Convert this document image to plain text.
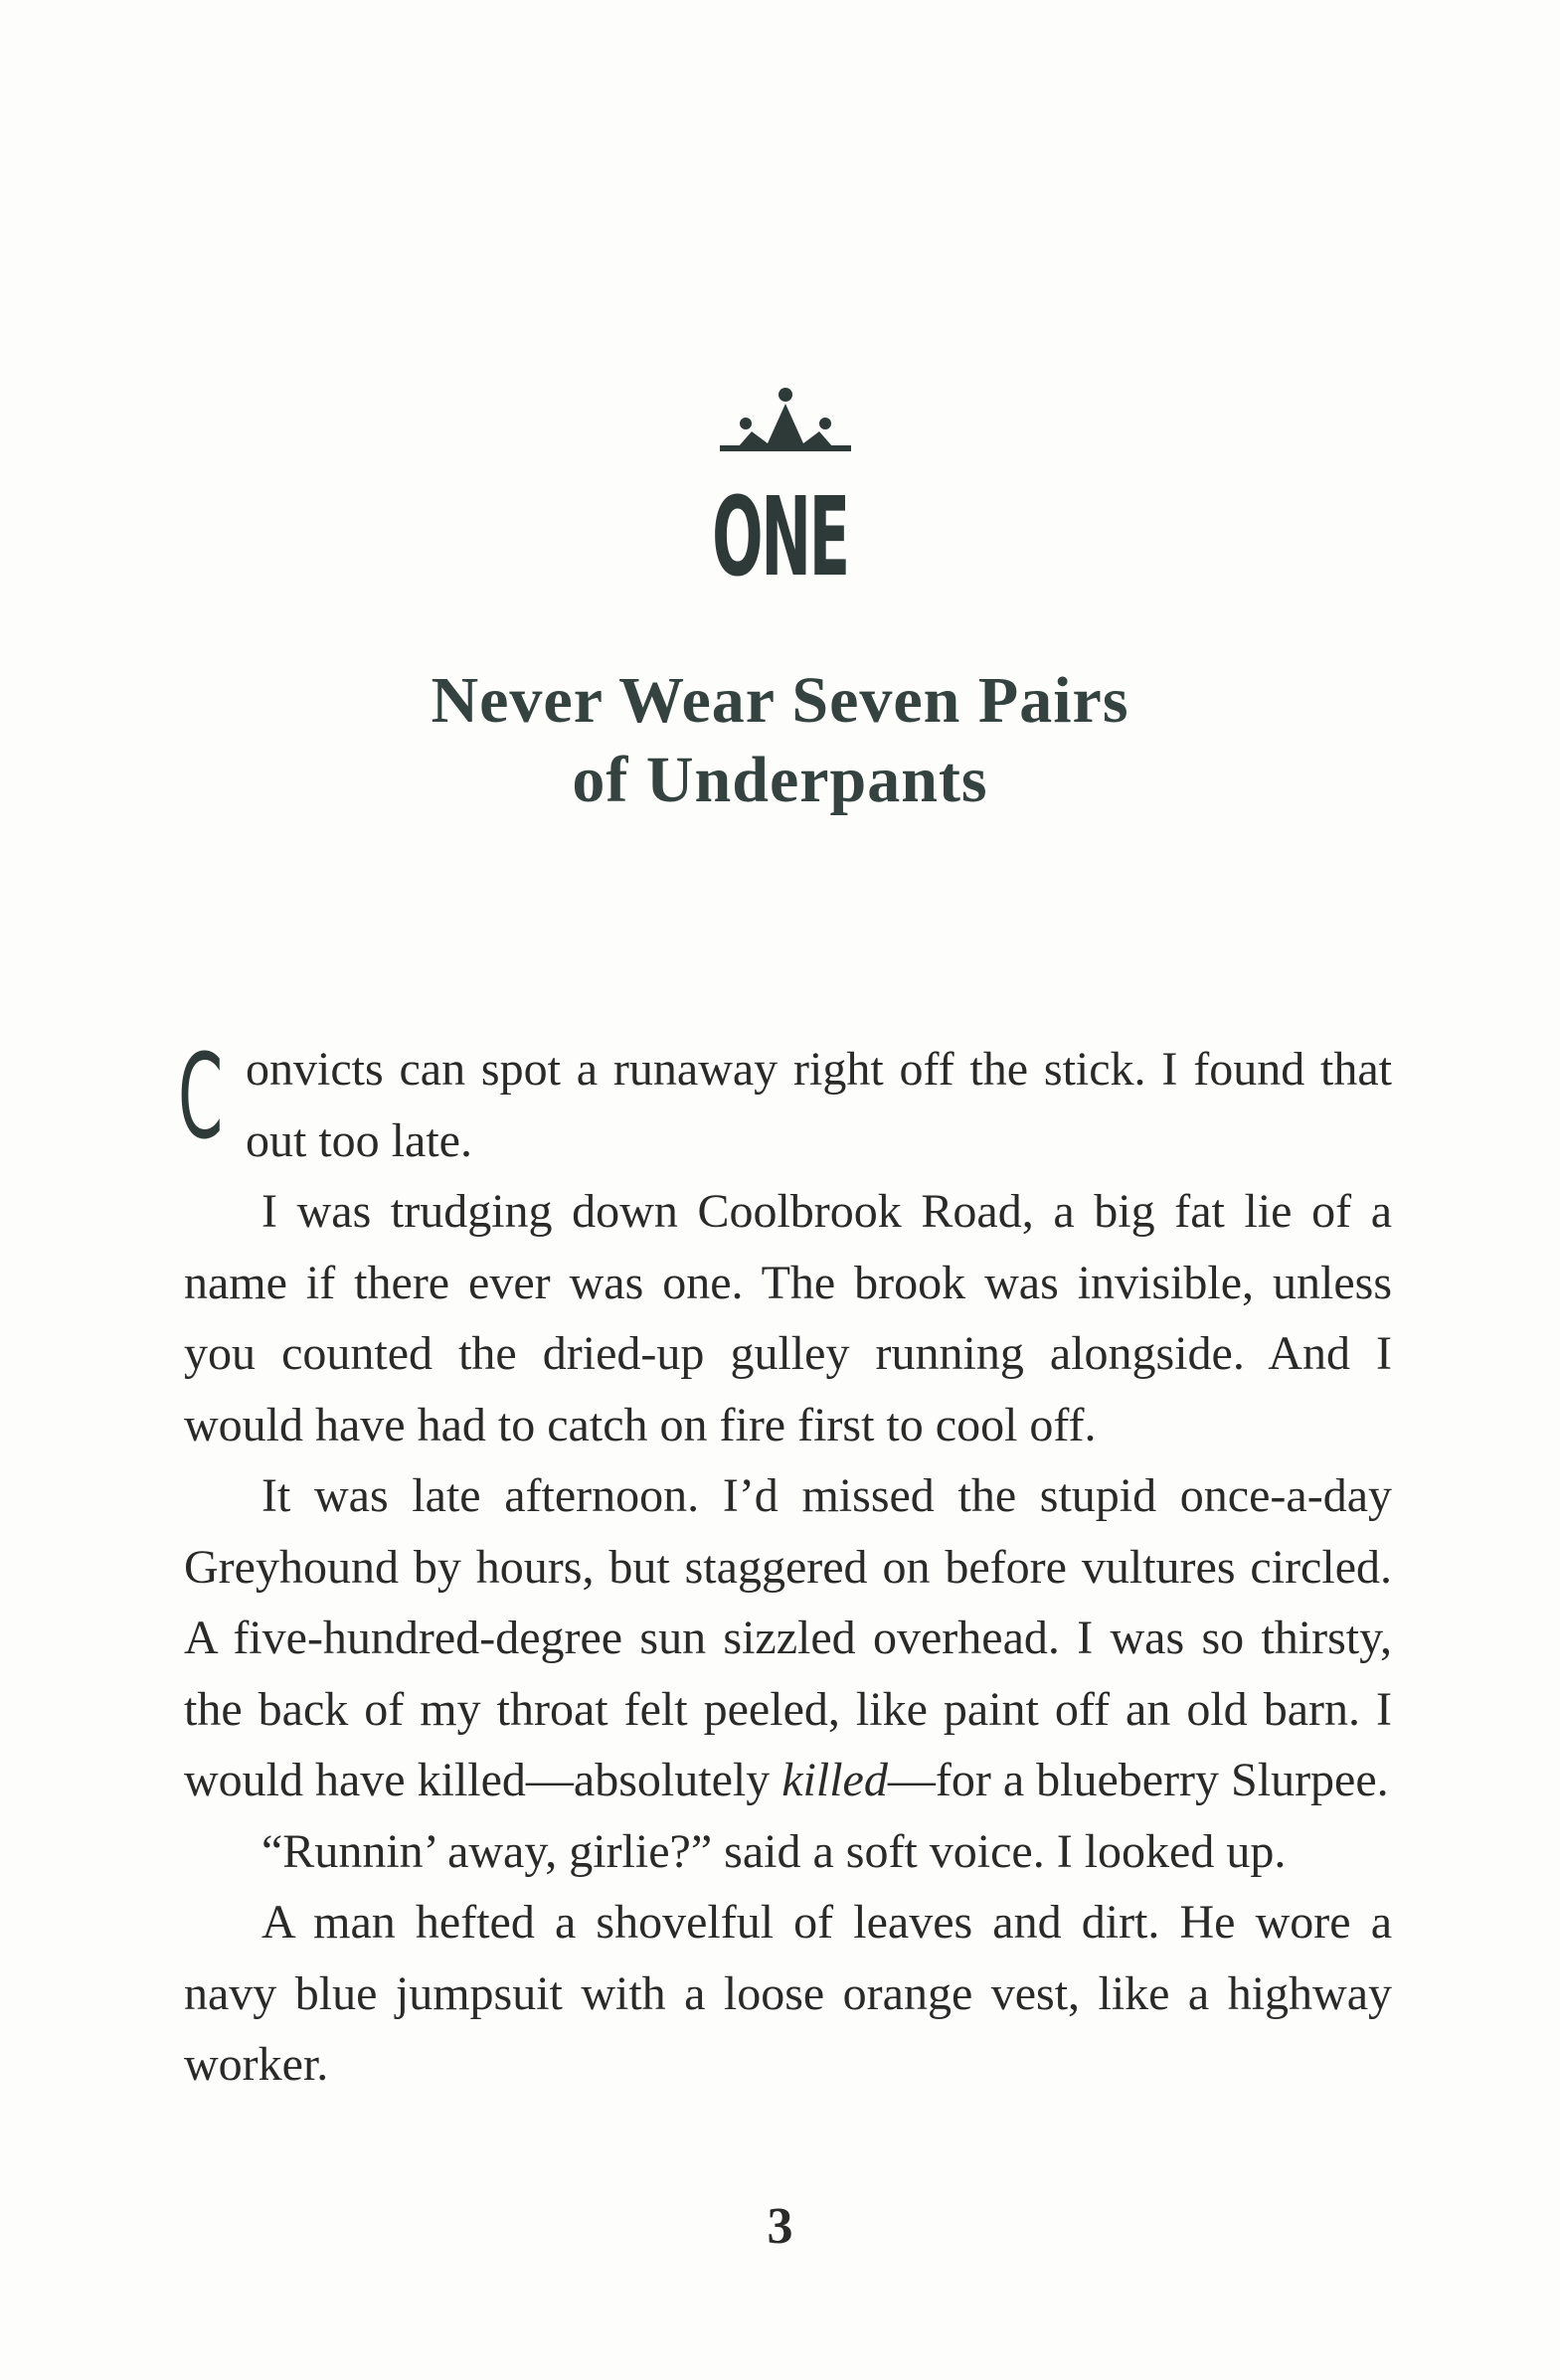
ONE
Never Wear Seven Pairs
of Underpants

C onvicts can spot a runaway right off the stick. I found that out too late.

I was trudging down Coolbrook Road, a big fat lie of a name if there ever was one. The brook was invisible, unless you counted the dried-up gulley running alongside. And I would have had to catch on fire first to cool off.

It was late afternoon. I’d missed the stupid once-a-day Greyhound by hours, but staggered on before vultures circled. A five-hundred-degree sun sizzled overhead. I was so thirsty, the back of my throat felt peeled, like paint off an old barn. I would have killed—absolutely killed—for a blueberry Slurpee.

“Runnin’ away, girlie?” said a soft voice. I looked up.

A man hefted a shovelful of leaves and dirt. He wore a navy blue jumpsuit with a loose orange vest, like a highway worker.

3
